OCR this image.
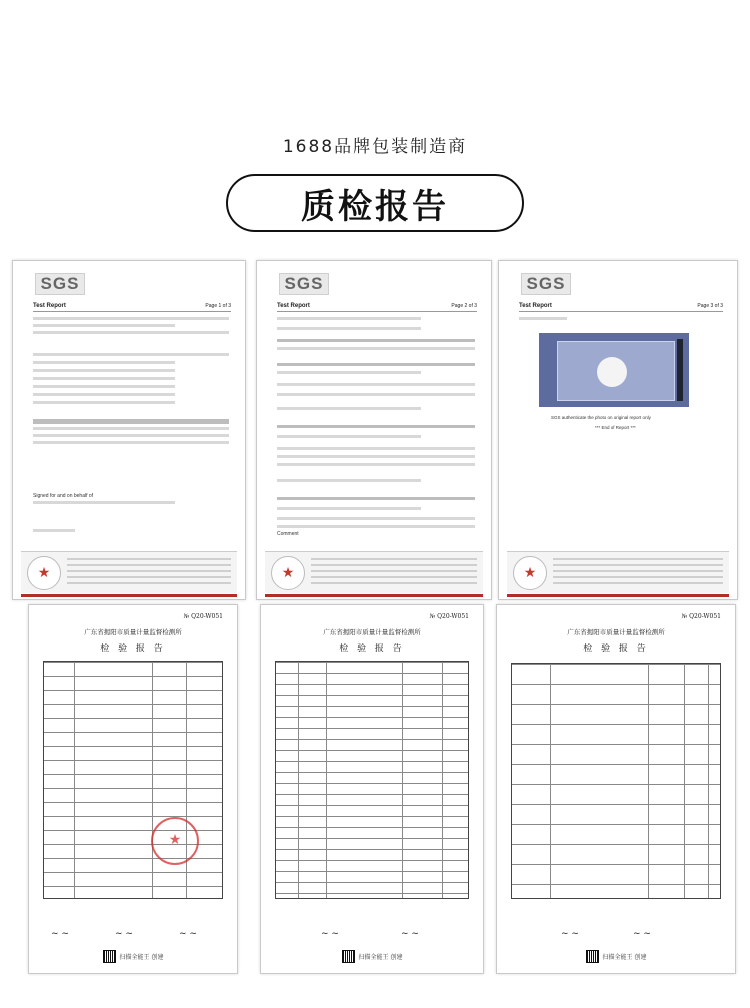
1688品牌包装制造商
质检报告
SGS
Test Report	Page 1 of 3
Signed for and on behalf of
★
SGS
Test Report	Page 2 of 3
Comment
★
SGS
Test Report	Page 3 of 3
SGS authenticate the photo on original report only
*** End of Report ***
★
№ Q20-W051
广东省揭阳市质量计量监督检测所
检 验 报 告
★
~ ~	~ ~	~ ~
扫描全能王 创建
№ Q20-W051
广东省揭阳市质量计量监督检测所
检 验 报 告
~ ~	~ ~
扫描全能王 创建
№ Q20-W051
广东省揭阳市质量计量监督检测所
检 验 报 告
~ ~	~ ~
扫描全能王 创建
